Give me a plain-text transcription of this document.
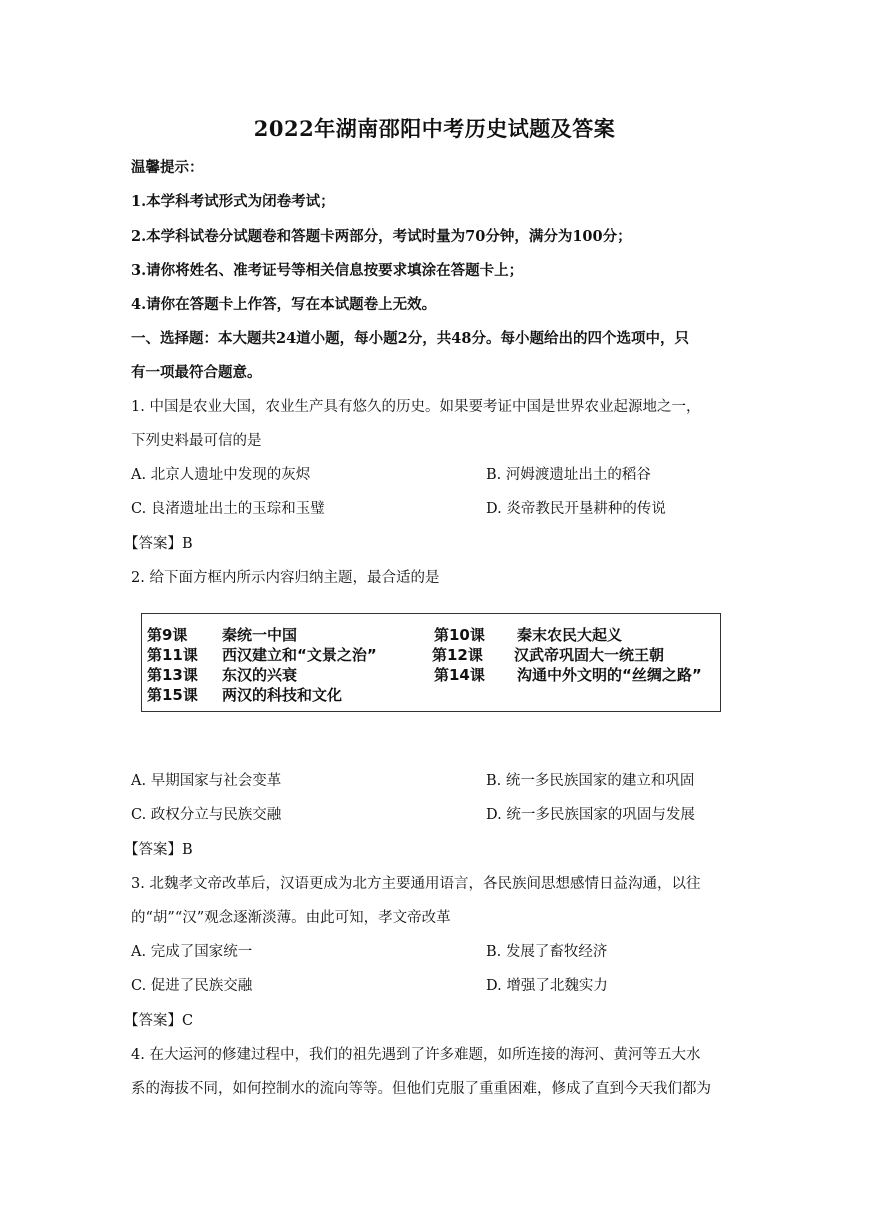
2022年湖南邵阳中考历史试题及答案
温馨提示：
1.本学科考试形式为闭卷考试；
2.本学科试卷分试题卷和答题卡两部分，考试时量为70分钟，满分为100分；
3.请你将姓名、准考证号等相关信息按要求填涂在答题卡上；
4.请你在答题卡上作答，写在本试题卷上无效。
一、选择题：本大题共24道小题，每小题2分，共48分。每小题给出的四个选项中，只
有一项最符合题意。
1. 中国是农业大国，农业生产具有悠久的历史。如果要考证中国是世界农业起源地之一，
下列史料最可信的是
A. 北京人遗址中发现的灰烬	B. 河姆渡遗址出土的稻谷
C. 良渚遗址出土的玉琮和玉璧	D. 炎帝教民开垦耕种的传说
【答案】B
2. 给下面方框内所示内容归纳主题，最合适的是
第9课 秦统一中国	第10课 秦末农民大起义
第11课 西汉建立和“文景之治”	第12课 汉武帝巩固大一统王朝
第13课 东汉的兴衰	第14课 沟通中外文明的“丝绸之路”
第15课 两汉的科技和文化
A. 早期国家与社会变革	B. 统一多民族国家的建立和巩固
C. 政权分立与民族交融	D. 统一多民族国家的巩固与发展
【答案】B
3. 北魏孝文帝改革后，汉语更成为北方主要通用语言，各民族间思想感情日益沟通，以往
的“胡”“汉”观念逐渐淡薄。由此可知，孝文帝改革
A. 完成了国家统一	B. 发展了畜牧经济
C. 促进了民族交融	D. 增强了北魏实力
【答案】C
4. 在大运河的修建过程中，我们的祖先遇到了许多难题，如所连接的海河、黄河等五大水
系的海拔不同，如何控制水的流向等等。但他们克服了重重困难，修成了直到今天我们都为
